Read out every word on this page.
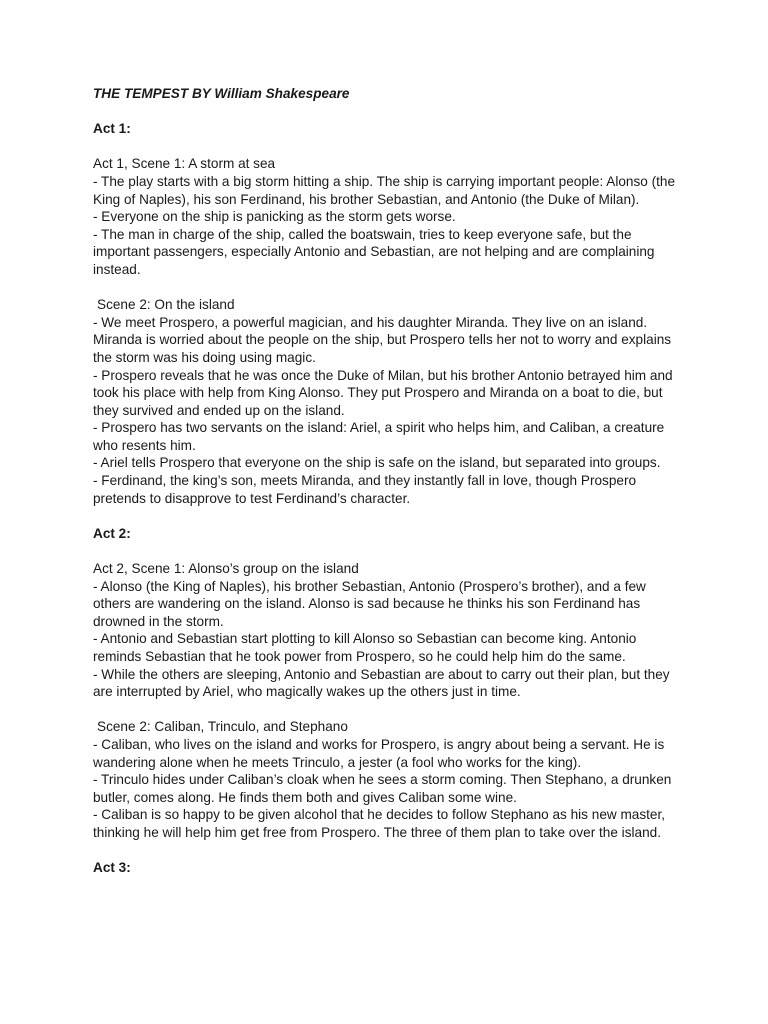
THE TEMPEST BY William Shakespeare

Act 1:

Act 1, Scene 1: A storm at sea

- The play starts with a big storm hitting a ship. The ship is carrying important people: Alonso (the King of Naples), his son Ferdinand, his brother Sebastian, and Antonio (the Duke of Milan).

- Everyone on the ship is panicking as the storm gets worse.

- The man in charge of the ship, called the boatswain, tries to keep everyone safe, but the important passengers, especially Antonio and Sebastian, are not helping and are complaining instead.

Scene 2: On the island

- We meet Prospero, a powerful magician, and his daughter Miranda. They live on an island. Miranda is worried about the people on the ship, but Prospero tells her not to worry and explains the storm was his doing using magic.

- Prospero reveals that he was once the Duke of Milan, but his brother Antonio betrayed him and took his place with help from King Alonso. They put Prospero and Miranda on a boat to die, but they survived and ended up on the island.

- Prospero has two servants on the island: Ariel, a spirit who helps him, and Caliban, a creature who resents him.

- Ariel tells Prospero that everyone on the ship is safe on the island, but separated into groups.

- Ferdinand, the king’s son, meets Miranda, and they instantly fall in love, though Prospero pretends to disapprove to test Ferdinand’s character.

Act 2:

Act 2, Scene 1: Alonso’s group on the island

- Alonso (the King of Naples), his brother Sebastian, Antonio (Prospero’s brother), and a few others are wandering on the island. Alonso is sad because he thinks his son Ferdinand has drowned in the storm.

- Antonio and Sebastian start plotting to kill Alonso so Sebastian can become king. Antonio reminds Sebastian that he took power from Prospero, so he could help him do the same.

- While the others are sleeping, Antonio and Sebastian are about to carry out their plan, but they are interrupted by Ariel, who magically wakes up the others just in time.

Scene 2: Caliban, Trinculo, and Stephano

- Caliban, who lives on the island and works for Prospero, is angry about being a servant. He is wandering alone when he meets Trinculo, a jester (a fool who works for the king).

- Trinculo hides under Caliban’s cloak when he sees a storm coming. Then Stephano, a drunken butler, comes along. He finds them both and gives Caliban some wine.

- Caliban is so happy to be given alcohol that he decides to follow Stephano as his new master, thinking he will help him get free from Prospero. The three of them plan to take over the island.

Act 3:
